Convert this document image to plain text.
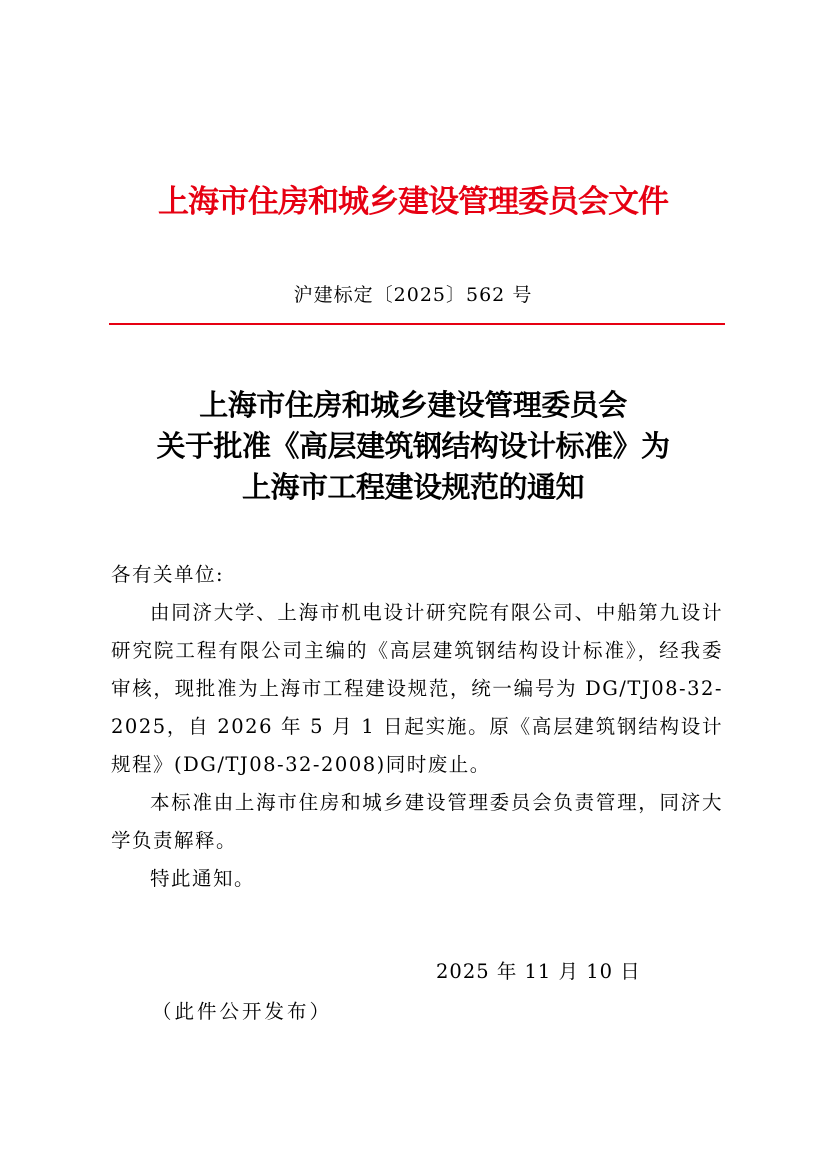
上海市住房和城乡建设管理委员会文件
沪建标定〔2025〕562 号
上海市住房和城乡建设管理委员会
关于批准《高层建筑钢结构设计标准》为
上海市工程建设规范的通知

各有关单位:

由同济大学、上海市机电设计研究院有限公司、中船第九设计研究院工程有限公司主编的《高层建筑钢结构设计标准》，经我委审核，现批准为上海市工程建设规范，统一编号为 DG/TJ08-32-2025，自 2026 年 5 月 1 日起实施。原《高层建筑钢结构设计规程》(DG/TJ08-32-2008)同时废止。

本标准由上海市住房和城乡建设管理委员会负责管理，同济大学负责解释。

特此通知。

2025 年 11 月 10 日
（此件公开发布）
